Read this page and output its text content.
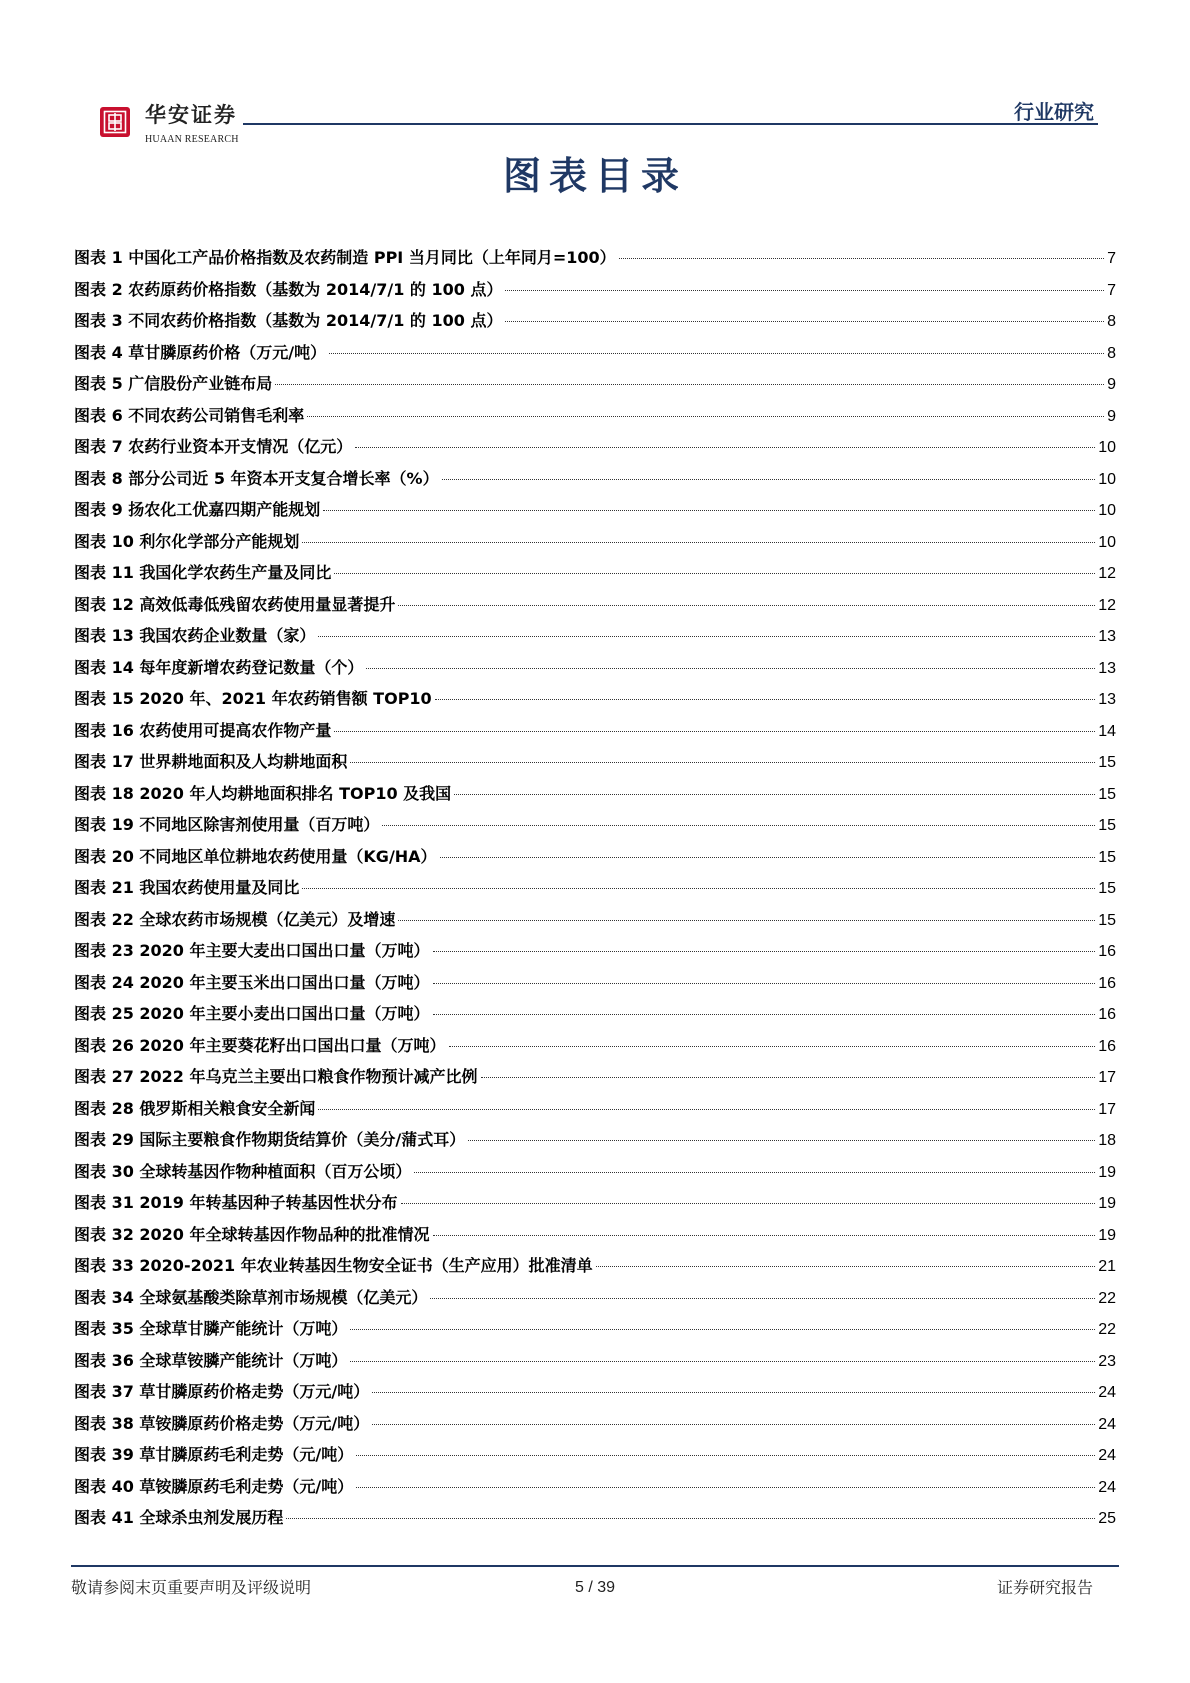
华安证券
HUAAN RESEARCH
行业研究
图表目录
图表 1 中国化工产品价格指数及农药制造 PPI 当月同比（上年同月=100）	7
图表 2 农药原药价格指数（基数为 2014/7/1 的 100 点）	7
图表 3 不同农药价格指数（基数为 2014/7/1 的 100 点）	8
图表 4 草甘膦原药价格（万元/吨）	8
图表 5 广信股份产业链布局	9
图表 6 不同农药公司销售毛利率	9
图表 7 农药行业资本开支情况（亿元）	10
图表 8 部分公司近 5 年资本开支复合增长率（%）	10
图表 9 扬农化工优嘉四期产能规划	10
图表 10 利尔化学部分产能规划	10
图表 11 我国化学农药生产量及同比	12
图表 12 高效低毒低残留农药使用量显著提升	12
图表 13 我国农药企业数量（家）	13
图表 14 每年度新增农药登记数量（个）	13
图表 15 2020 年、2021 年农药销售额 TOP10	13
图表 16 农药使用可提高农作物产量	14
图表 17 世界耕地面积及人均耕地面积	15
图表 18 2020 年人均耕地面积排名 TOP10 及我国	15
图表 19 不同地区除害剂使用量（百万吨）	15
图表 20 不同地区单位耕地农药使用量（KG/HA）	15
图表 21 我国农药使用量及同比	15
图表 22 全球农药市场规模（亿美元）及增速	15
图表 23 2020 年主要大麦出口国出口量（万吨）	16
图表 24 2020 年主要玉米出口国出口量（万吨）	16
图表 25 2020 年主要小麦出口国出口量（万吨）	16
图表 26 2020 年主要葵花籽出口国出口量（万吨）	16
图表 27 2022 年乌克兰主要出口粮食作物预计减产比例	17
图表 28 俄罗斯相关粮食安全新闻	17
图表 29 国际主要粮食作物期货结算价（美分/蒲式耳）	18
图表 30 全球转基因作物种植面积（百万公顷）	19
图表 31 2019 年转基因种子转基因性状分布	19
图表 32 2020 年全球转基因作物品种的批准情况	19
图表 33 2020-2021 年农业转基因生物安全证书（生产应用）批准清单	21
图表 34 全球氨基酸类除草剂市场规模（亿美元）	22
图表 35 全球草甘膦产能统计（万吨）	22
图表 36 全球草铵膦产能统计（万吨）	23
图表 37 草甘膦原药价格走势（万元/吨）	24
图表 38 草铵膦原药价格走势（万元/吨）	24
图表 39 草甘膦原药毛利走势（元/吨）	24
图表 40 草铵膦原药毛利走势（元/吨）	24
图表 41 全球杀虫剂发展历程	25
敬请参阅末页重要声明及评级说明	5 / 39	证券研究报告
